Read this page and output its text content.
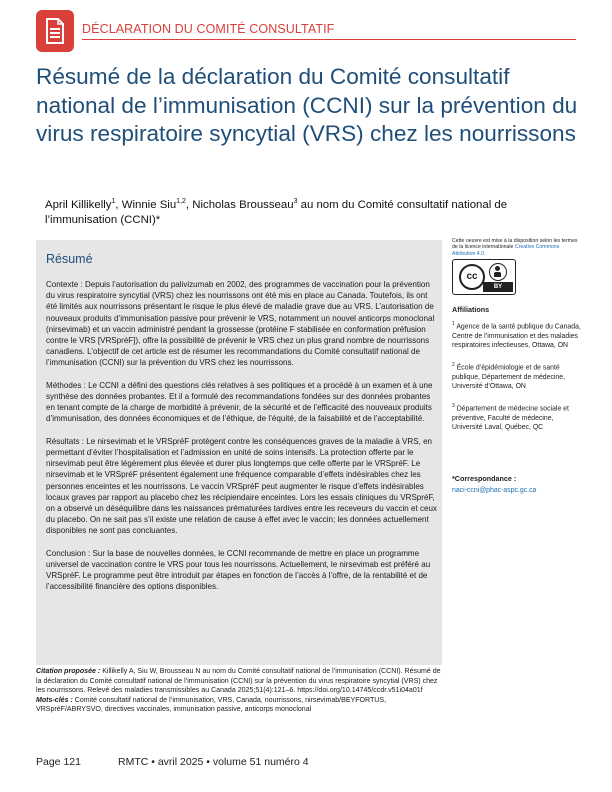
DÉCLARATION DU COMITÉ CONSULTATIF
Résumé de la déclaration du Comité consultatif national de l’immunisation (CCNI) sur la prévention du virus respiratoire syncytial (VRS) chez les nourrissons
April Killikelly$^1$, Winnie Siu$^{1,2}$, Nicholas Brousseau$^3$ au nom du Comité consultatif national de l’immunisation (CCNI)*
Résumé

Contexte : Depuis l’autorisation du palivizumab en 2002, des programmes de vaccination pour la prévention du virus respiratoire syncytial (VRS) chez les nourrissons ont été mis en place au Canada. Toutefois, ils ont été limités aux nourrissons présentant le risque le plus élevé de maladie grave due au VRS. L’autorisation de nouveaux produits d’immunisation passive pour prévenir le VRS, notamment un nouvel anticorps monoclonal (nirsevimab) et un vaccin administré pendant la grossesse (protéine F stabilisée en conformation préfusion contre le VRS [VRSpréF]), offre la possibilité de prévenir le VRS chez un plus grand nombre de nourrissons canadiens. L’objectif de cet article est de résumer les recommandations du Comité consultatif national de l’immunisation (CCNI) sur la prévention du VRS chez les nourrissons.

Méthodes : Le CCNI a défini des questions clés relatives à ses politiques et a procédé à un examen et à une synthèse des données probantes. Et il a formulé des recommandations fondées sur des données probantes en tenant compte de la charge de morbidité à prévenir, de la sécurité et de l’efficacité des nouveaux produits d’immunisation, des données économiques et de l’éthique, de l’équité, de la faisabilité et de l’acceptabilité.

Résultats : Le nirsevimab et le VRSpréF protègent contre les conséquences graves de la maladie à VRS, en permettant d’éviter l’hospitalisation et l’admission en unité de soins intensifs. La protection offerte par le nirsevimab peut être légèrement plus élevée et durer plus longtemps que celle offerte par le VRSpréF. Le nirsevimab et le VRSpréF présentent également une fréquence comparable d’effets indésirables chez les personnes enceintes et les nourrissons. Le vaccin VRSpréF peut augmenter le risque d’effets indésirables locaux graves par rapport au placebo chez les récipiendaire enceintes. Lors les essais cliniques du VRSpréF, on a observé un déséquilibre dans les naissances prématurées tardives entre les receveurs du vaccin et ceux du placebo. On ne sait pas s’il existe une relation de cause à effet avec le vaccin; les données actuellement disponibles ne sont pas concluantes.

Conclusion : Sur la base de nouvelles données, le CCNI recommande de mettre en place un programme universel de vaccination contre le VRS pour tous les nourrissons. Actuellement, le nirsevimab est préféré au VRSpréF. Le programme peut être introduit par étapes en fonction de l’accès à l’offre, de la rentabilité et de l’accessibilité financière des options disponibles.

Cette oeuvre est mise à la disposition selon les termes de la licence internationale Creative Commons Attribution 4.0
cc
BY
Affiliations
$^1$ Agence de la santé publique du Canada, Centre de l’immunisation et des maladies respiratoires infectieuses, Ottawa, ON
$^2$ École d’épidémiologie et de santé publique, Département de médecine, Université d’Ottawa, ON
$^3$ Département de médecine sociale et préventive, Faculté de médecine, Université Laval, Québec, QC
*Correspondance :
naci-ccni@phac-aspc.gc.ca

Citation proposée : Killikelly A, Siu W, Brousseau N au nom du Comité consultatif national de l’immunisation (CCNI). Résumé de la déclaration du Comité consultatif national de l’immunisation (CCNI) sur la prévention du virus respiratoire syncytial (VRS) chez les nourrissons. Relevé des maladies transmissibles au Canada 2025;51(4):121–6. https://doi.org/10.14745/ccdr.v51i04a01f

Mots-clés : Comité consultatif national de l’immunisation, VRS, Canada, nourrissons, nirsevimab/BEYFORTUS, VRSpréF/ABRYSVO, directives vaccinales, immunisation passive, anticorps monoclonal

Page 121	RMTC • avril 2025 • volume 51 numéro 4
